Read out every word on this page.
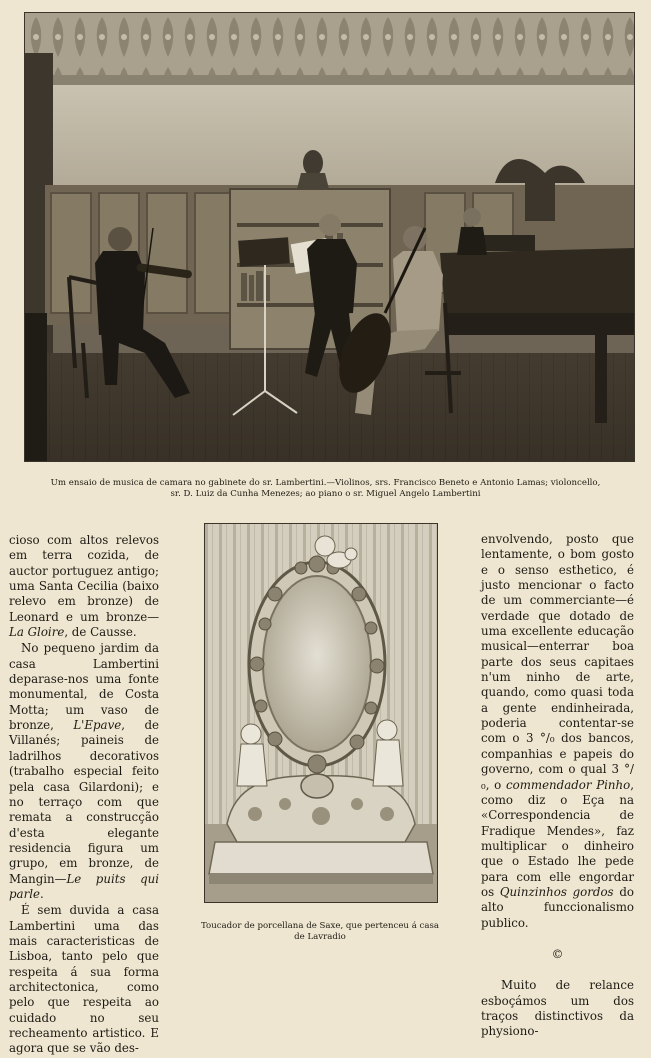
Um ensaio de musica de camara no gabinete do sr. Lambertini.—Violinos, srs. Francisco Beneto e Antonio Lamas; violoncello,
sr. D. Luiz da Cunha Menezes; ao piano o sr. Miguel Angelo Lambertini

cioso com altos relevos em terra cozida, de auctor portuguez antigo; uma Santa Cecilia (baixo relevo em bronze) de Leonard e um bronze—La Gloire, de Causse.

No pequeno jardim da casa Lambertini deparase-nos uma fonte monumental, de Costa Motta; um vaso de bronze, L'Epave, de Villanés; paineis de ladrilhos decorativos (trabalho especial feito pela casa Gilardoni); e no terraço com que remata a construcção d'esta elegante residencia figura um grupo, em bronze, de Mangin—Le puits qui parle.

É sem duvida a casa Lambertini uma das mais caracteristicas de Lisboa, tanto pelo que respeita á sua forma architectonica, como pelo que respeita ao cuidado no seu recheamento artistico. E agora que se vão des-

Toucador de porcellana de Saxe, que pertenceu á casa
de Lavradio

envolvendo, posto que lentamente, o bom gosto e o senso esthetico, é justo mencionar o facto de um commerciante—é verdade que dotado de uma excellente educação musical—enterrar boa parte dos seus capitaes n'um ninho de arte, quando, como quasi toda a gente endinheirada, poderia contentar-se com o 3 °/₀ dos bancos, companhias e papeis do governo, com o qual 3 °/₀, o commendador Pinho, como diz o Eça na «Correspondencia de Fradique Mendes», faz multiplicar o dinheiro que o Estado lhe pede para com elle engordar os Quinzinhos gordos do alto funccionalismo publico.

©

Muito de relance esboçámos um dos traços distinctivos da physiono-
